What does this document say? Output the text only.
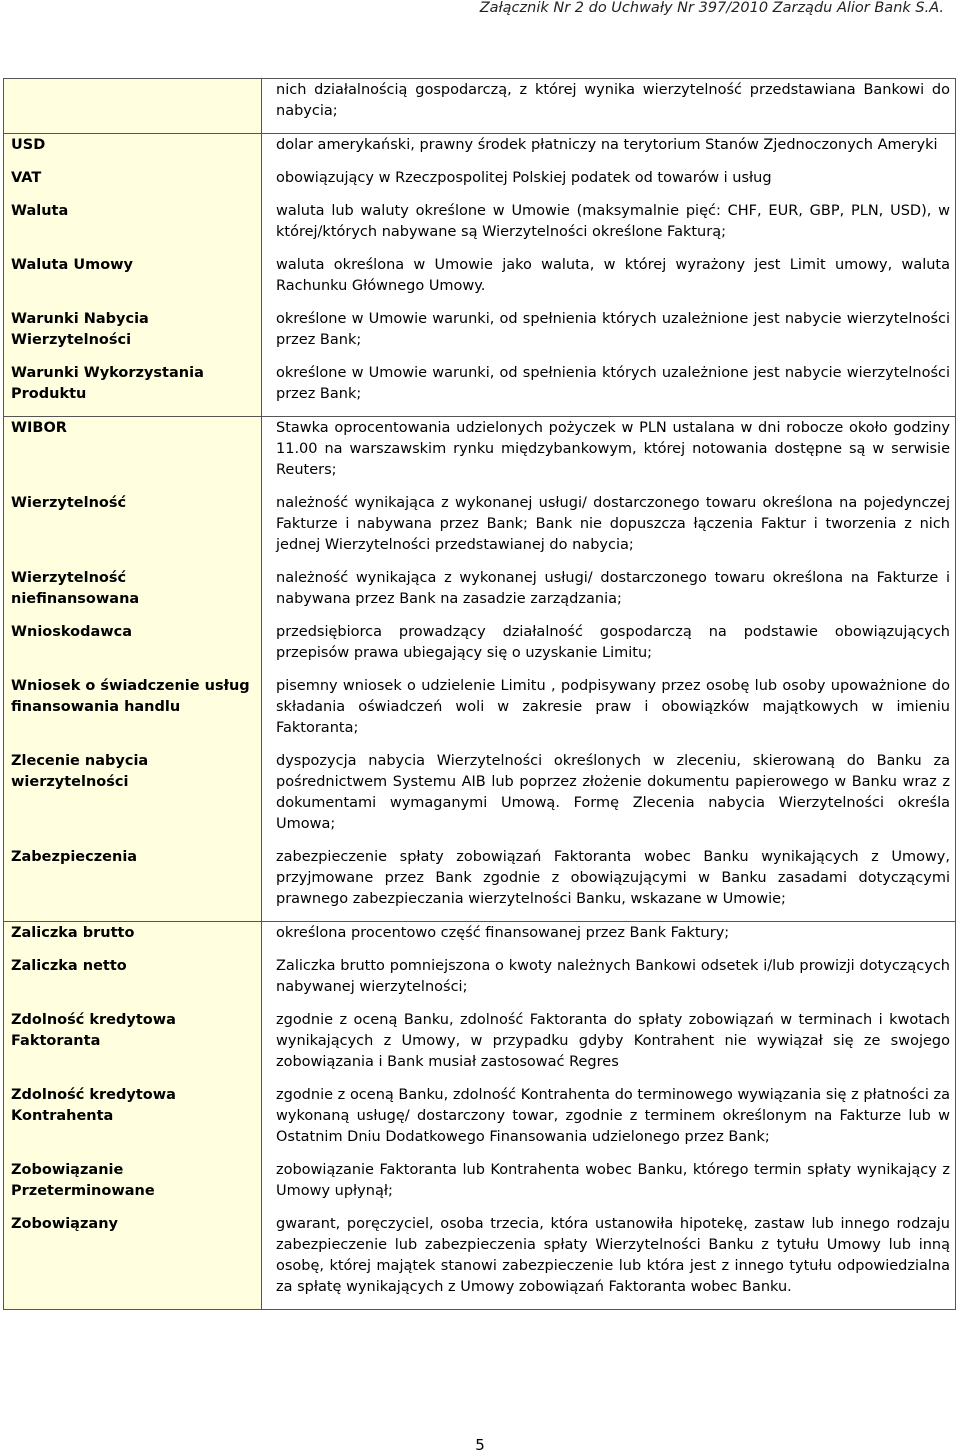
Załącznik Nr 2 do Uchwały Nr 397/2010 Zarządu Alior Bank S.A.
	nich działalnością gospodarczą, z której wynika wierzytelność przedstawiana Bankowi do nabycia;
USD	dolar amerykański, prawny środek płatniczy na terytorium Stanów Zjednoczonych Ameryki
VAT	obowiązujący w Rzeczpospolitej Polskiej podatek od towarów i usług
Waluta	waluta lub waluty określone w Umowie (maksymalnie pięć: CHF, EUR, GBP, PLN, USD), w której/których nabywane są Wierzytelności określone Fakturą;
Waluta Umowy	waluta określona w Umowie jako waluta, w której wyrażony jest Limit umowy, waluta Rachunku Głównego Umowy.
Warunki Nabycia Wierzytelności	określone w Umowie warunki, od spełnienia których uzależnione jest nabycie wierzytelności przez Bank;
Warunki Wykorzystania Produktu	określone w Umowie warunki, od spełnienia których uzależnione jest nabycie wierzytelności przez Bank;
WIBOR	Stawka oprocentowania udzielonych pożyczek w PLN ustalana w dni robocze około godziny 11.00 na warszawskim rynku międzybankowym, której notowania dostępne są w serwisie Reuters;
Wierzytelność	należność wynikająca z wykonanej usługi/ dostarczonego towaru określona na pojedynczej Fakturze i nabywana przez Bank; Bank nie dopuszcza łączenia Faktur i tworzenia z nich jednej Wierzytelności przedstawianej do nabycia;
Wierzytelność niefinansowana	należność wynikająca z wykonanej usługi/ dostarczonego towaru określona na Fakturze i nabywana przez Bank na zasadzie zarządzania;
Wnioskodawca	przedsiębiorca prowadzący działalność gospodarczą na podstawie obowiązujących przepisów prawa ubiegający się o uzyskanie Limitu;
Wniosek o świadczenie usług finansowania handlu	pisemny wniosek o udzielenie Limitu , podpisywany przez osobę lub osoby upoważnione do składania oświadczeń woli w zakresie praw i obowiązków majątkowych w imieniu Faktoranta;
Zlecenie nabycia wierzytelności	dyspozycja nabycia Wierzytelności określonych w zleceniu, skierowaną do Banku za pośrednictwem Systemu AIB lub poprzez złożenie dokumentu papierowego w Banku wraz z dokumentami wymaganymi Umową. Formę Zlecenia nabycia Wierzytelności określa Umowa;
Zabezpieczenia	zabezpieczenie spłaty zobowiązań Faktoranta wobec Banku wynikających z Umowy, przyjmowane przez Bank zgodnie z obowiązującymi w Banku zasadami dotyczącymi prawnego zabezpieczania wierzytelności Banku, wskazane w Umowie;
Zaliczka brutto	określona procentowo część finansowanej przez Bank Faktury;
Zaliczka netto	Zaliczka brutto pomniejszona o kwoty należnych Bankowi odsetek i/lub prowizji dotyczących nabywanej wierzytelności;
Zdolność kredytowa Faktoranta	zgodnie z oceną Banku, zdolność Faktoranta do spłaty zobowiązań w terminach i kwotach wynikających z Umowy, w przypadku gdyby Kontrahent nie wywiązał się ze swojego zobowiązania i Bank musiał zastosować Regres
Zdolność kredytowa Kontrahenta	zgodnie z oceną Banku, zdolność Kontrahenta do terminowego wywiązania się z płatności za wykonaną usługę/ dostarczony towar, zgodnie z terminem określonym na Fakturze lub w Ostatnim Dniu Dodatkowego Finansowania udzielonego przez Bank;
Zobowiązanie Przeterminowane	zobowiązanie Faktoranta lub Kontrahenta wobec Banku, którego termin spłaty wynikający z Umowy upłynął;
Zobowiązany	gwarant, poręczyciel, osoba trzecia, która ustanowiła hipotekę, zastaw lub innego rodzaju zabezpieczenie lub zabezpieczenia spłaty Wierzytelności Banku z tytułu Umowy lub inną osobę, której majątek stanowi zabezpieczenie lub która jest z innego tytułu odpowiedzialna za spłatę wynikających z Umowy zobowiązań Faktoranta wobec Banku.
5
